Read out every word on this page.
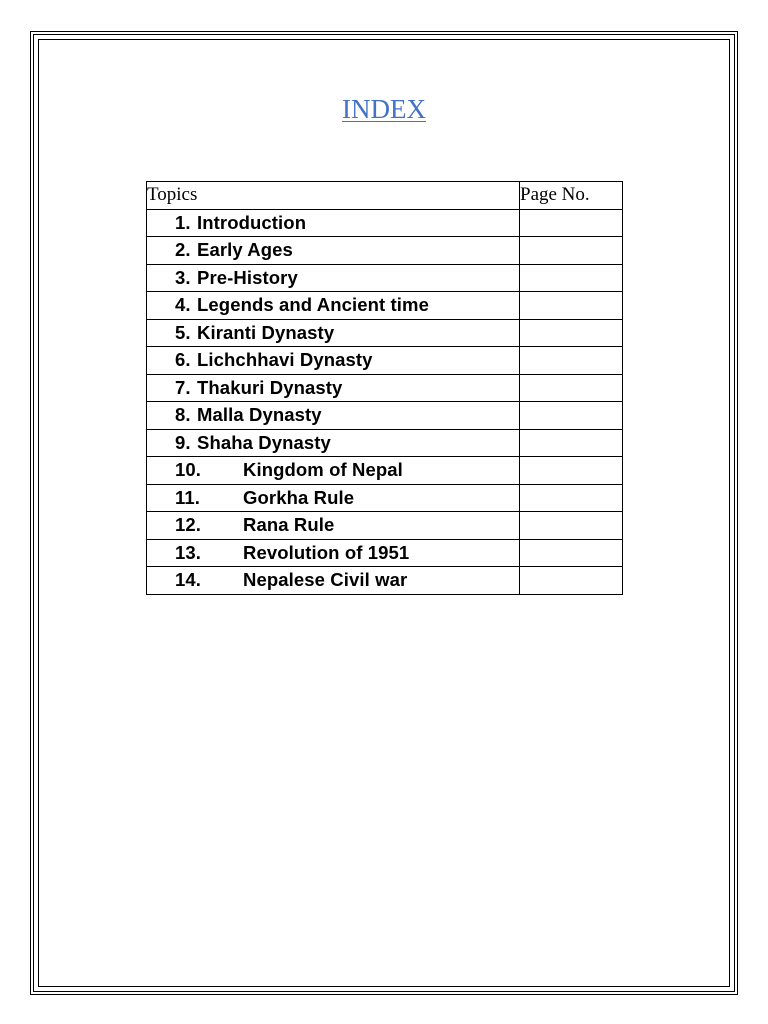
INDEX
Topics	Page No.
1. Introduction	
2. Early Ages	
3. Pre-History	
4. Legends and Ancient time	
5. Kiranti Dynasty	
6. Lichchhavi Dynasty	
7. Thakuri Dynasty	
8. Malla Dynasty	
9. Shaha Dynasty	
10. Kingdom of Nepal	
11. Gorkha Rule	
12. Rana Rule	
13. Revolution of 1951	
14. Nepalese Civil war	
